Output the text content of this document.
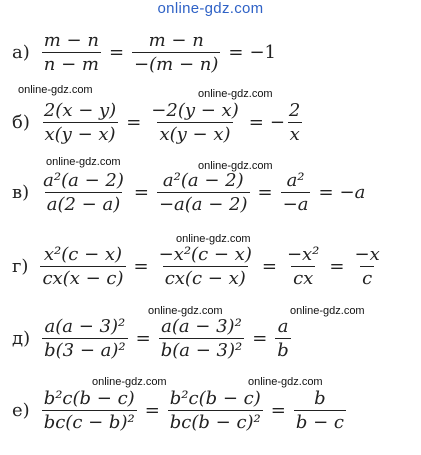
online-gdz.com
$а) \frac{m - n}{n - m} = \frac{m - n}{-(m - n)} = -1$
online-gdz.com	online-gdz.com
$б) \frac{2(x - y)}{x(y - x)} = \frac{-2(y - x)}{x(y - x)}$ = − $\frac{2}{x}$
online-gdz.com	online-gdz.com
$в) \frac{\text{a²(a − 2)}}{a(2 - a)} = \frac{\text{a²(a − 2)}}{-a(a - 2)} = \frac{\text{a²}}{-a} = -a$
online-gdz.com
$г) \frac{\text{x²(c − x)}}{cx(x - c)} = \frac{\text{−x²(c − x)}}{cx(c - x)} = \frac{\text{−x²}}{cx} = \frac{-x}{c}$
online-gdz.com	online-gdz.com
$д) \frac{\text{a(a − 3)²}}{\text{b(3 − a)²}} = \frac{\text{a(a − 3)²}}{\text{b(a − 3)²}} = \frac{a}{b}$
online-gdz.com	online-gdz.com
$е) \frac{\text{b²c(b − c)}}{\text{bc(c − b)²}} = \frac{\text{b²c(b − c)}}{\text{bc(b − c)²}} = \frac{b}{b - c}$
